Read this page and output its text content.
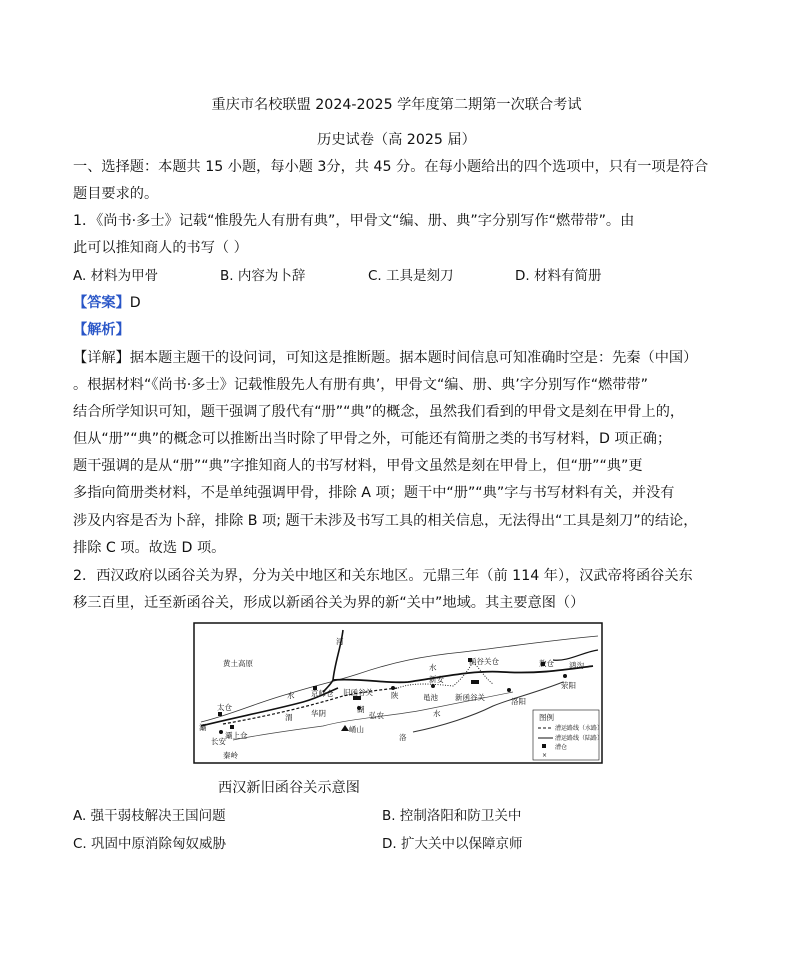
重庆市名校联盟 2024-2025 学年度第二期第一次联合考试
历史试卷（高 2025 届）
一、选择题：本题共 15 小题，每小题 3分，共 45 分。在每小题给出的四个选项中，只有一项是符合
题目要求的。
1．《尚书·多士》记载“惟殷先人有册有典”，甲骨文“编、册、典”字分别写作“燃带带”。由
此可以推知商人的书写（ ）
A. 材料为甲骨	B. 内容为卜辞	C. 工具是刻刀	D. 材料有简册
【答案】D
【解析】
【详解】据本题主题干的设问词，可知这是推断题。据本题时间信息可知准确时空是：先秦（中国）
。根据材料“《尚书·多士》记载惟殷先人有册有典’，甲骨文“编、册、典’字分别写作“燃带带”
结合所学知识可知，题干强调了殷代有“册”“典”的概念，虽然我们看到的甲骨文是刻在甲骨上的，
但从“册”“典”的概念可以推断出当时除了甲骨之外，可能还有简册之类的书写材料，D 项正确；
题干强调的是从“册”“典”字推知商人的书写材料，甲骨文虽然是刻在甲骨上，但“册”“典”更
多指向简册类材料，不是单纯强调甲骨，排除 A 项；题干中“册”“典”字与书写材料有关，并没有
涉及内容是否为卜辞，排除 B 项; 题干未涉及书写工具的相关信息，无法得出“工具是刻刀”的结论，
排除 C 项。故选 D 项。
2．西汉政府以函谷关为界，分为关中地区和关东地区。元鼎三年（前 114 年），汉武帝将函谷关东
移三百里，迁至新函谷关，形成以新函谷关为界的新“关中”地域。其主要意图（）
黄土高原
河
水
水
水
函谷关仓	敖仓 鸿沟
荥阳
洛阳
新安
新函谷关
黾池
旧函谷关
京师仓	陕
弘农
湖
华阴
渭
太仓
灞上仓
长安
灞
秦岭
崤山
洛
图例
漕运路线（水路）
漕运路线（陆路）
漕仓
×
西汉新旧函谷关示意图
A. 强干弱枝解决王国问题	B. 控制洛阳和防卫关中
C. 巩固中原消除匈奴威胁	D. 扩大关中以保障京师
